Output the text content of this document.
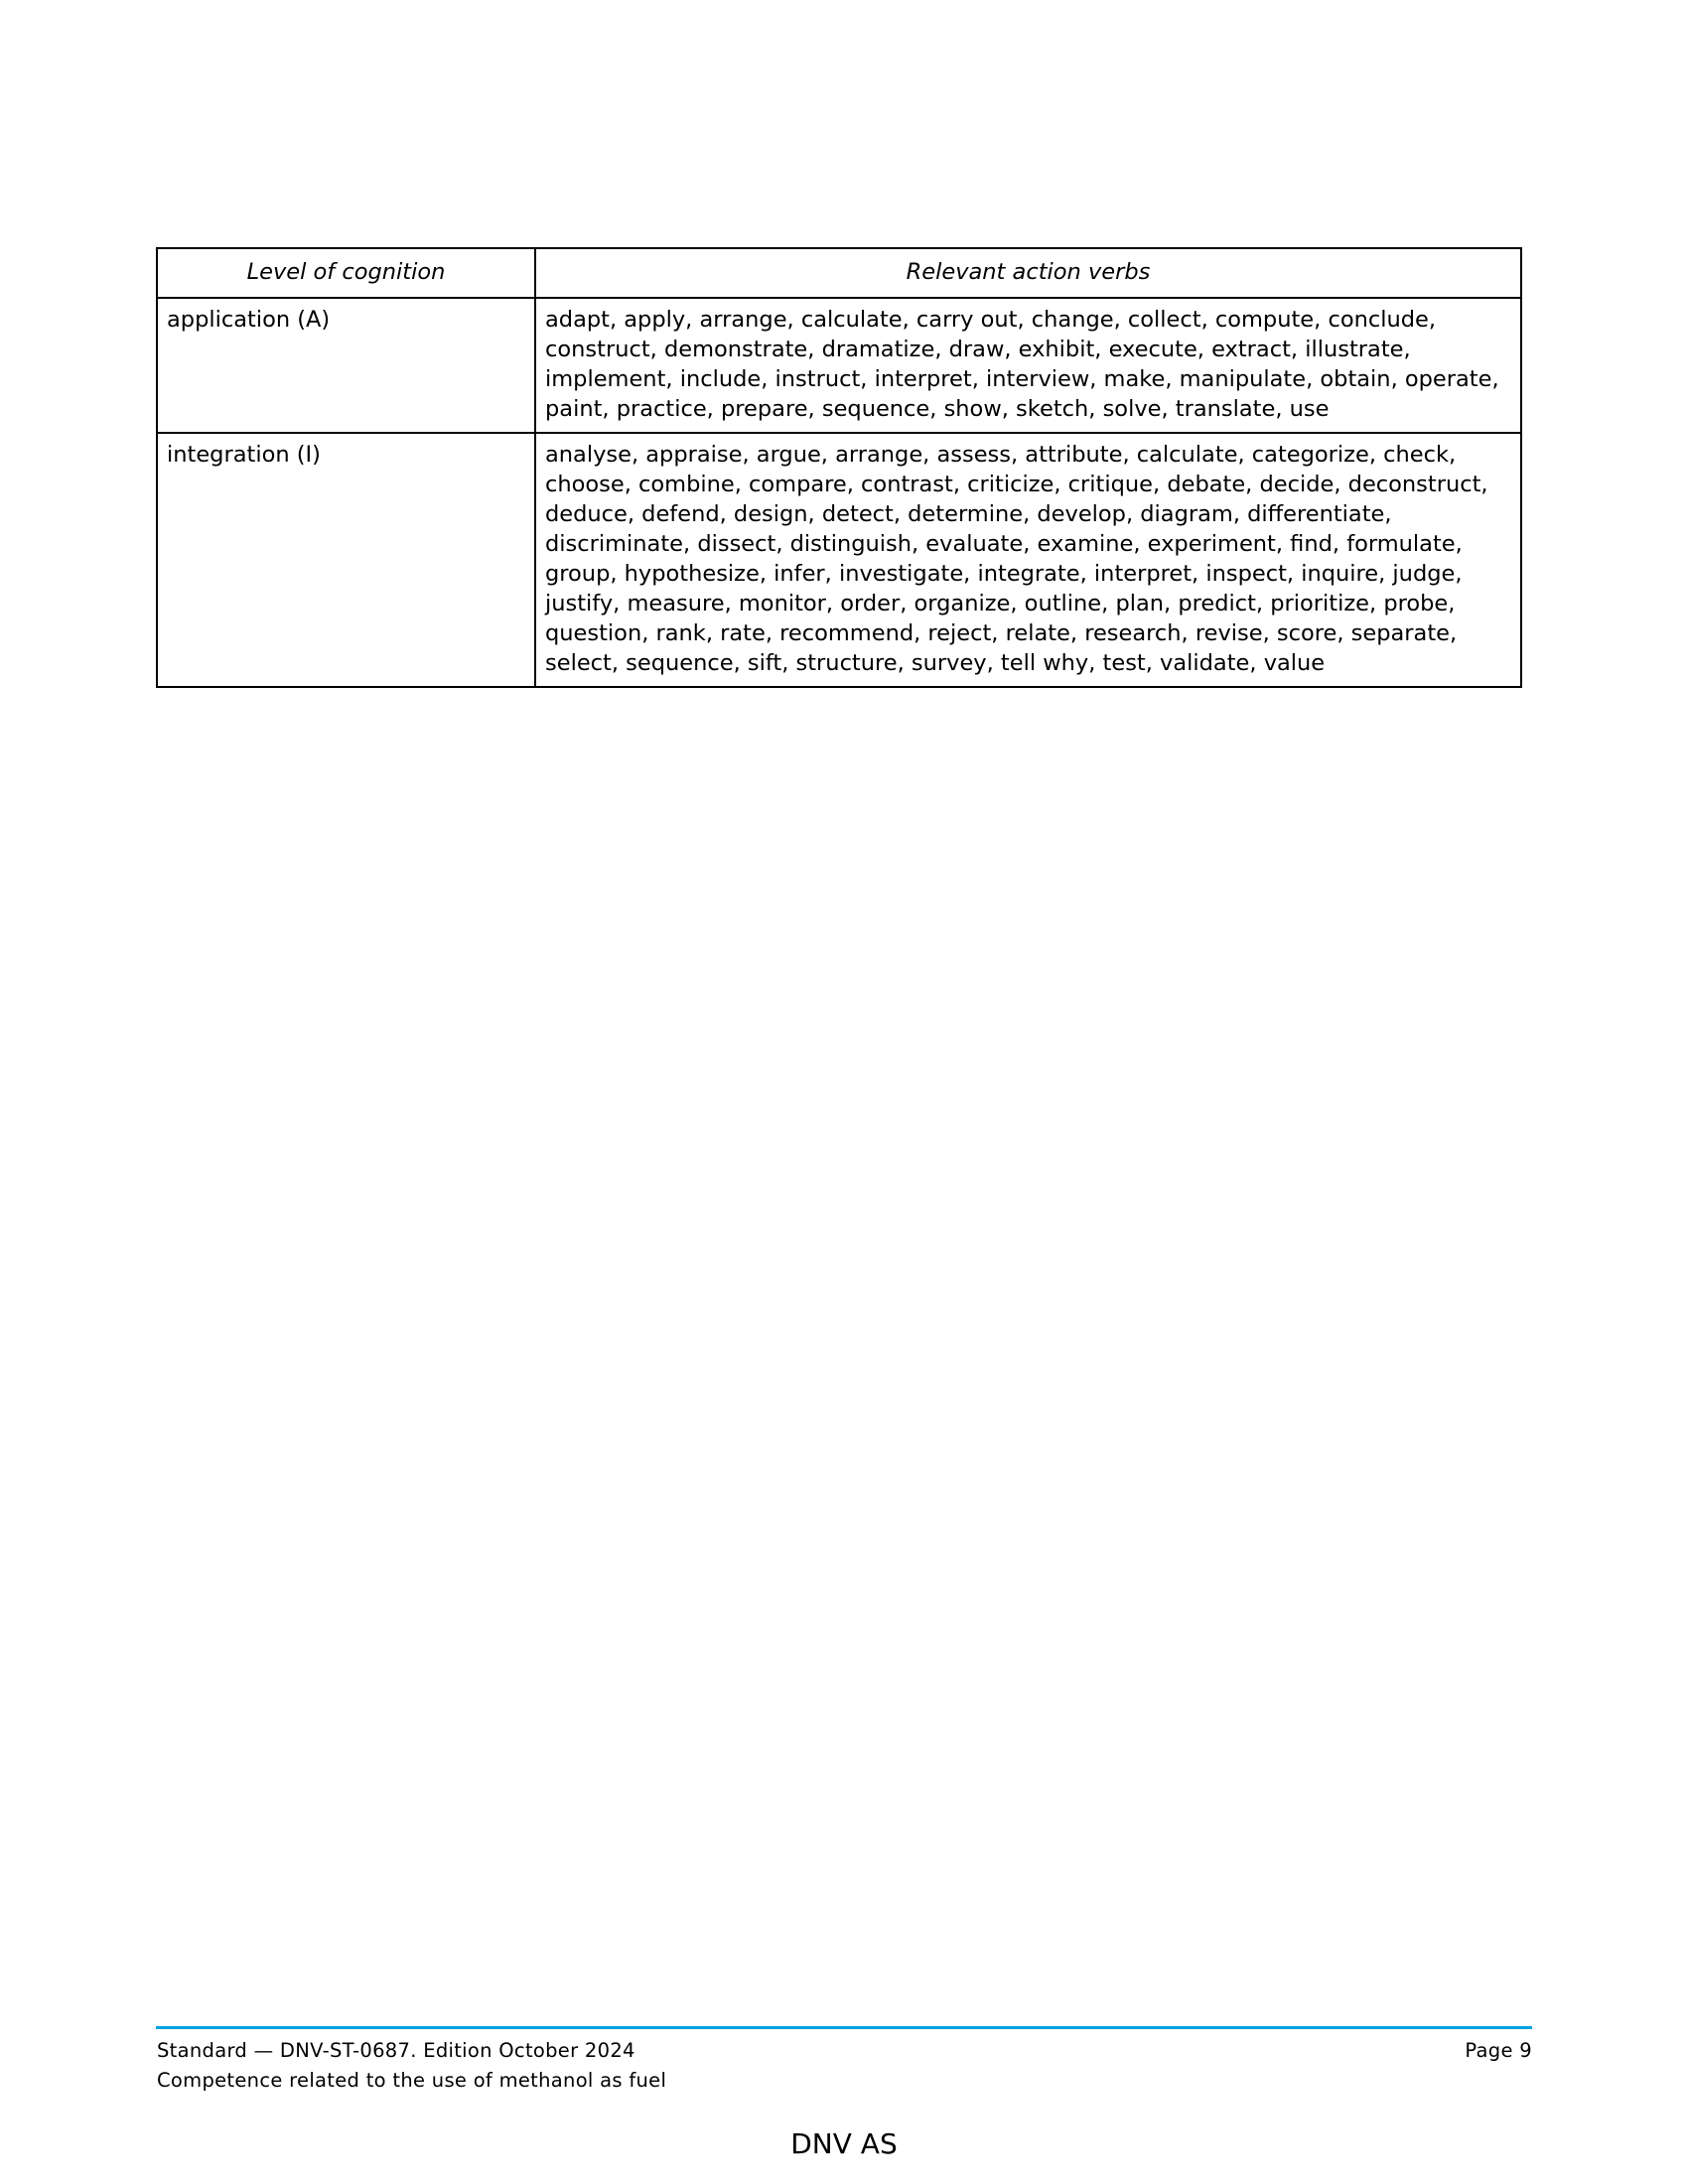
Level of cognition	Relevant action verbs
application (A)	adapt, apply, arrange, calculate, carry out, change, collect, compute, conclude, construct, demonstrate, dramatize, draw, exhibit, execute, extract, illustrate, implement, include, instruct, interpret, interview, make, manipulate, obtain, operate, paint, practice, prepare, sequence, show, sketch, solve, translate, use
integration (I)	analyse, appraise, argue, arrange, assess, attribute, calculate, categorize, check, choose, combine, compare, contrast, criticize, critique, debate, decide, deconstruct, deduce, defend, design, detect, determine, develop, diagram, differentiate, discriminate, dissect, distinguish, evaluate, examine, experiment, find, formulate, group, hypothesize, infer, investigate, integrate, interpret, inspect, inquire, judge, justify, measure, monitor, order, organize, outline, plan, predict, prioritize, probe, question, rank, rate, recommend, reject, relate, research, revise, score, separate, select, sequence, sift, structure, survey, tell why, test, validate, value
Standard — DNV-ST-0687. Edition October 2024
Competence related to the use of methanol as fuel
Page 9
DNV AS
